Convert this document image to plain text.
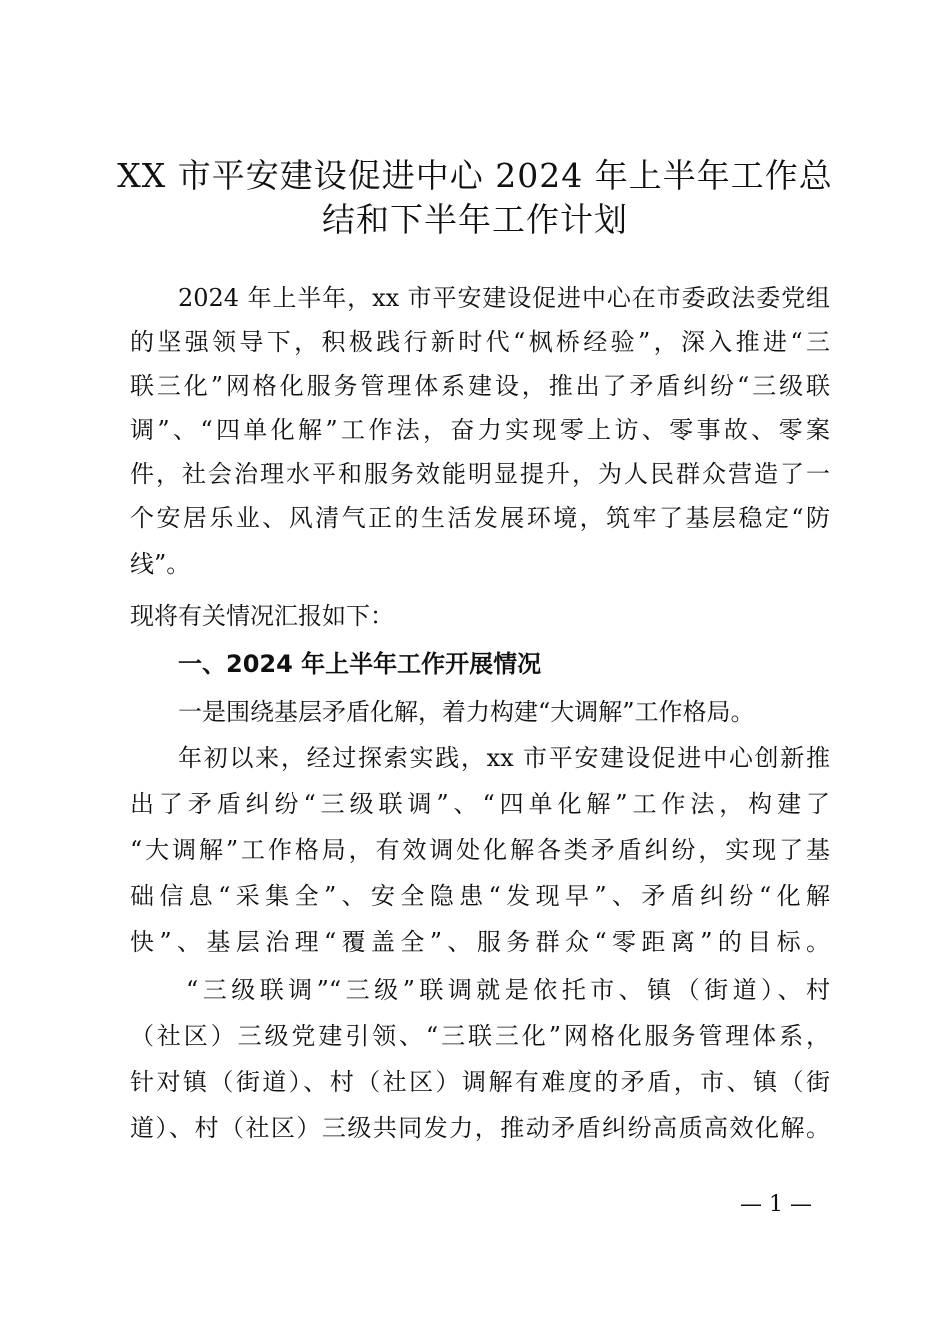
XX 市平安建设促进中心 2024 年上半年工作总
结和下半年工作计划

2024 年上半年，xx 市平安建设促进中心在市委政法委党组

的坚强领导下，积极践行新时代“枫桥经验”，深入推进“三

联三化”网格化服务管理体系建设，推出了矛盾纠纷“三级联

调”、“四单化解”工作法，奋力实现零上访、零事故、零案

件，社会治理水平和服务效能明显提升，为人民群众营造了一

个安居乐业、风清气正的生活发展环境，筑牢了基层稳定“防

线”。

现将有关情况汇报如下：

一、2024 年上半年工作开展情况

一是围绕基层矛盾化解，着力构建“大调解”工作格局。

年初以来，经过探索实践，xx 市平安建设促进中心创新推

出了矛盾纠纷“三级联调”、“四单化解”工作法，构建了

“大调解”工作格局，有效调处化解各类矛盾纠纷，实现了基

础信息“采集全”、安全隐患“发现早”、矛盾纠纷“化解

快”、基层治理“覆盖全”、服务群众“零距离”的目标。

“三级联调”“三级”联调就是依托市、镇（街道）、村

（社区）三级党建引领、“三联三化”网格化服务管理体系，

针对镇（街道）、村（社区）调解有难度的矛盾，市、镇（街

道）、村（社区）三级共同发力，推动矛盾纠纷高质高效化解。

— 1 —
